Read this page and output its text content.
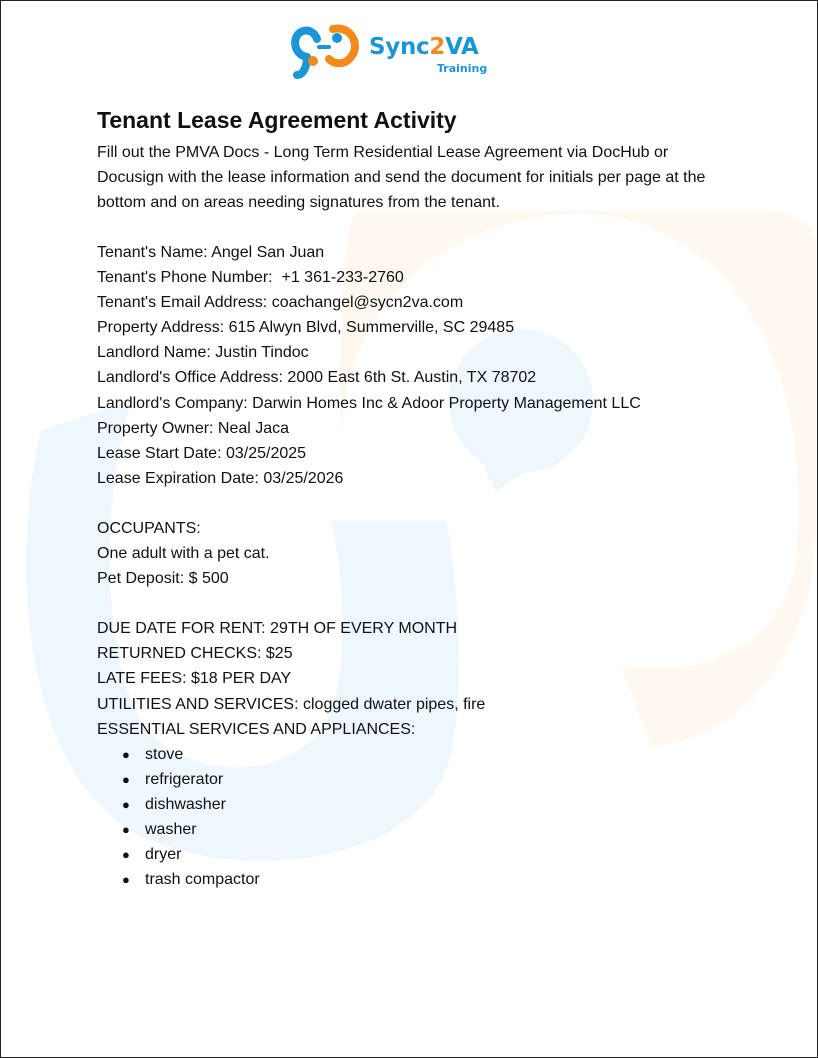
Sync2VA
Training
Tenant Lease Agreement Activity

Fill out the PMVA Docs - Long Term Residential Lease Agreement via DocHub or Docusign with the lease information and send the document for initials per page at the bottom and on areas needing signatures from the tenant.

Tenant's Name: Angel San Juan

Tenant's Phone Number:  +1 361-233-2760

Tenant's Email Address: coachangel@sycn2va.com

Property Address: 615 Alwyn Blvd, Summerville, SC 29485

Landlord Name: Justin Tindoc

Landlord's Office Address: 2000 East 6th St. Austin, TX 78702

Landlord's Company: Darwin Homes Inc & Adoor Property Management LLC

Property Owner: Neal Jaca

Lease Start Date: 03/25/2025

Lease Expiration Date: 03/25/2026

OCCUPANTS:

One adult with a pet cat.

Pet Deposit: $ 500

DUE DATE FOR RENT: 29TH OF EVERY MONTH

RETURNED CHECKS: $25

LATE FEES: $18 PER DAY

UTILITIES AND SERVICES: clogged dwater pipes, fire

ESSENTIAL SERVICES AND APPLIANCES:

● stove
● refrigerator
● dishwasher
● washer
● dryer
● trash compactor
